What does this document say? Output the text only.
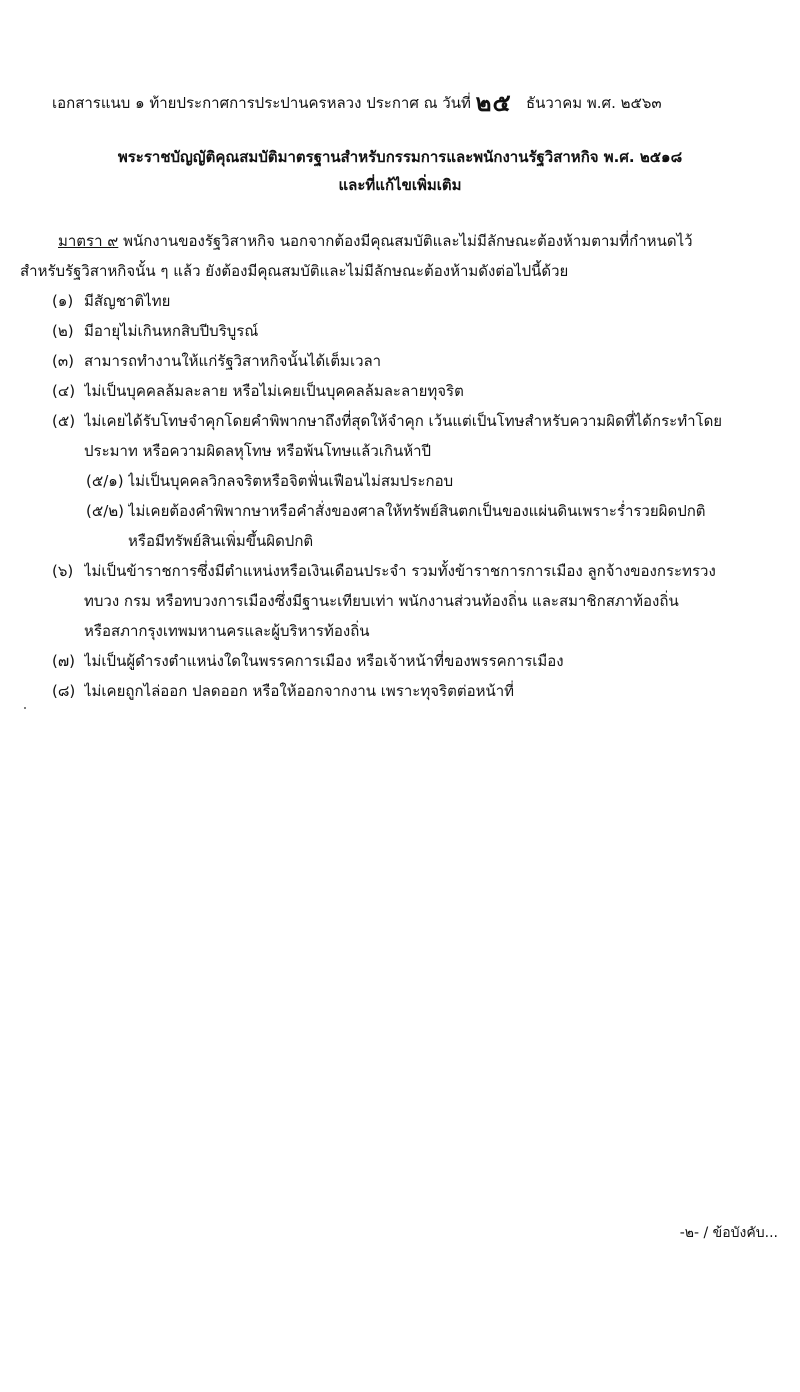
เอกสารแนบ ๑ ท้ายประกาศการประปานครหลวง ประกาศ ณ วันที่ ๒๕ ธันวาคม พ.ศ. ๒๕๖๓
พระราชบัญญัติคุณสมบัติมาตรฐานสำหรับกรรมการและพนักงานรัฐวิสาหกิจ พ.ศ. ๒๕๑๘
และที่แก้ไขเพิ่มเติม
มาตรา ๙ พนักงานของรัฐวิสาหกิจ นอกจากต้องมีคุณสมบัติและไม่มีลักษณะต้องห้ามตามที่กำหนดไว้
สำหรับรัฐวิสาหกิจนั้น ๆ แล้ว ยังต้องมีคุณสมบัติและไม่มีลักษณะต้องห้ามดังต่อไปนี้ด้วย
(๑) มีสัญชาติไทย
(๒) มีอายุไม่เกินหกสิบปีบริบูรณ์
(๓) สามารถทำงานให้แก่รัฐวิสาหกิจนั้นได้เต็มเวลา
(๔) ไม่เป็นบุคคลล้มละลาย หรือไม่เคยเป็นบุคคลล้มละลายทุจริต
(๕) ไม่เคยได้รับโทษจำคุกโดยคำพิพากษาถึงที่สุดให้จำคุก เว้นแต่เป็นโทษสำหรับความผิดที่ได้กระทำโดย
ประมาท หรือความผิดลหุโทษ หรือพ้นโทษแล้วเกินห้าปี
(๕/๑) ไม่เป็นบุคคลวิกลจริตหรือจิตฟั่นเฟือนไม่สมประกอบ
(๕/๒) ไม่เคยต้องคำพิพากษาหรือคำสั่งของศาลให้ทรัพย์สินตกเป็นของแผ่นดินเพราะร่ำรวยผิดปกติ
หรือมีทรัพย์สินเพิ่มขึ้นผิดปกติ
(๖) ไม่เป็นข้าราชการซึ่งมีตำแหน่งหรือเงินเดือนประจำ รวมทั้งข้าราชการการเมือง ลูกจ้างของกระทรวง
ทบวง กรม หรือทบวงการเมืองซึ่งมีฐานะเทียบเท่า พนักงานส่วนท้องถิ่น และสมาชิกสภาท้องถิ่น
หรือสภากรุงเทพมหานครและผู้บริหารท้องถิ่น
(๗) ไม่เป็นผู้ดำรงตำแหน่งใดในพรรคการเมือง หรือเจ้าหน้าที่ของพรรคการเมือง
(๘) ไม่เคยถูกไล่ออก ปลดออก หรือให้ออกจากงาน เพราะทุจริตต่อหน้าที่
-๒- / ข้อบังคับ...
